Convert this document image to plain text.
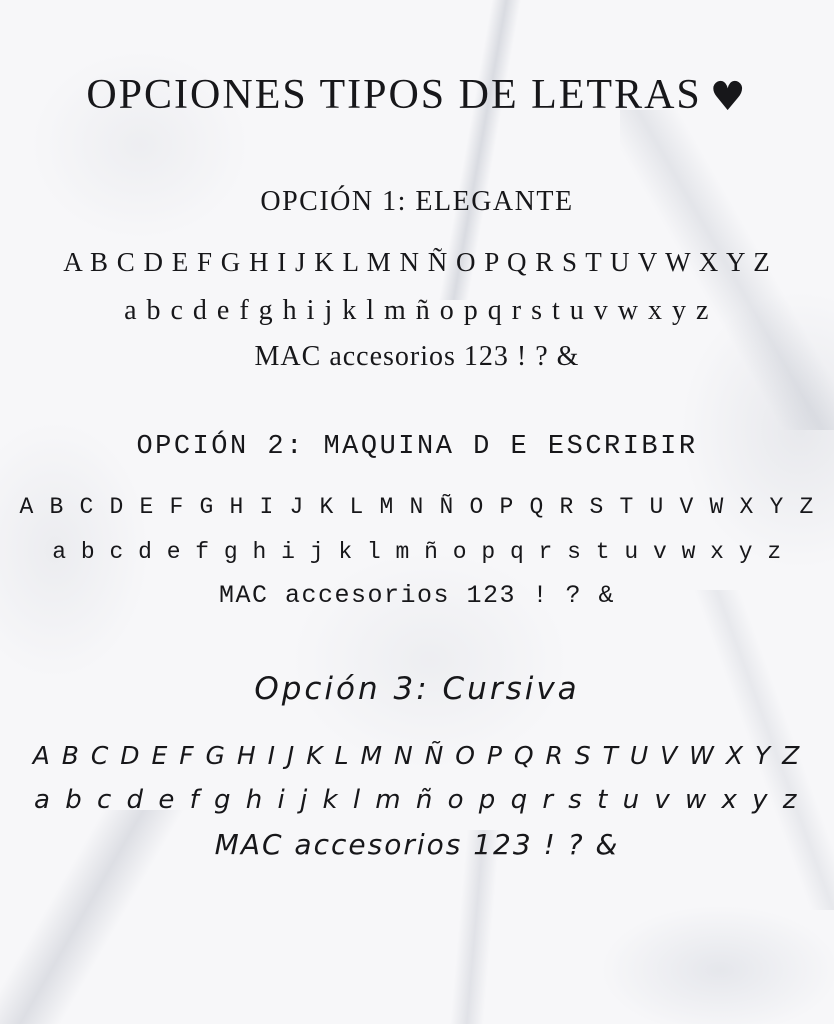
OPCIONES TIPOS DE LETRAS ♥
OPCIÓN 1: ELEGANTE
A B C D E F G H I J K L M N Ñ O P Q R S T U V W X Y Z
a b c d e f g h i j k l m ñ o p q r s t u v w x y z
MAC accesorios 123 ! ? &
OPCIÓN 2: MAQUINA D E ESCRIBIR
A B C D E F G H I J K L M N Ñ O P Q R S T U V W X Y Z
a b c d e f g h i j k l m ñ o p q r s t u v w x y z
MAC accesorios 123 ! ? &
Opción 3: Cursiva
A B C D E F G H I J K L M N Ñ O P Q R S T U V W X Y Z
a b c d e f g h i j k l m ñ o p q r s t u v w x y z
MAC accesorios 123 ! ? &
